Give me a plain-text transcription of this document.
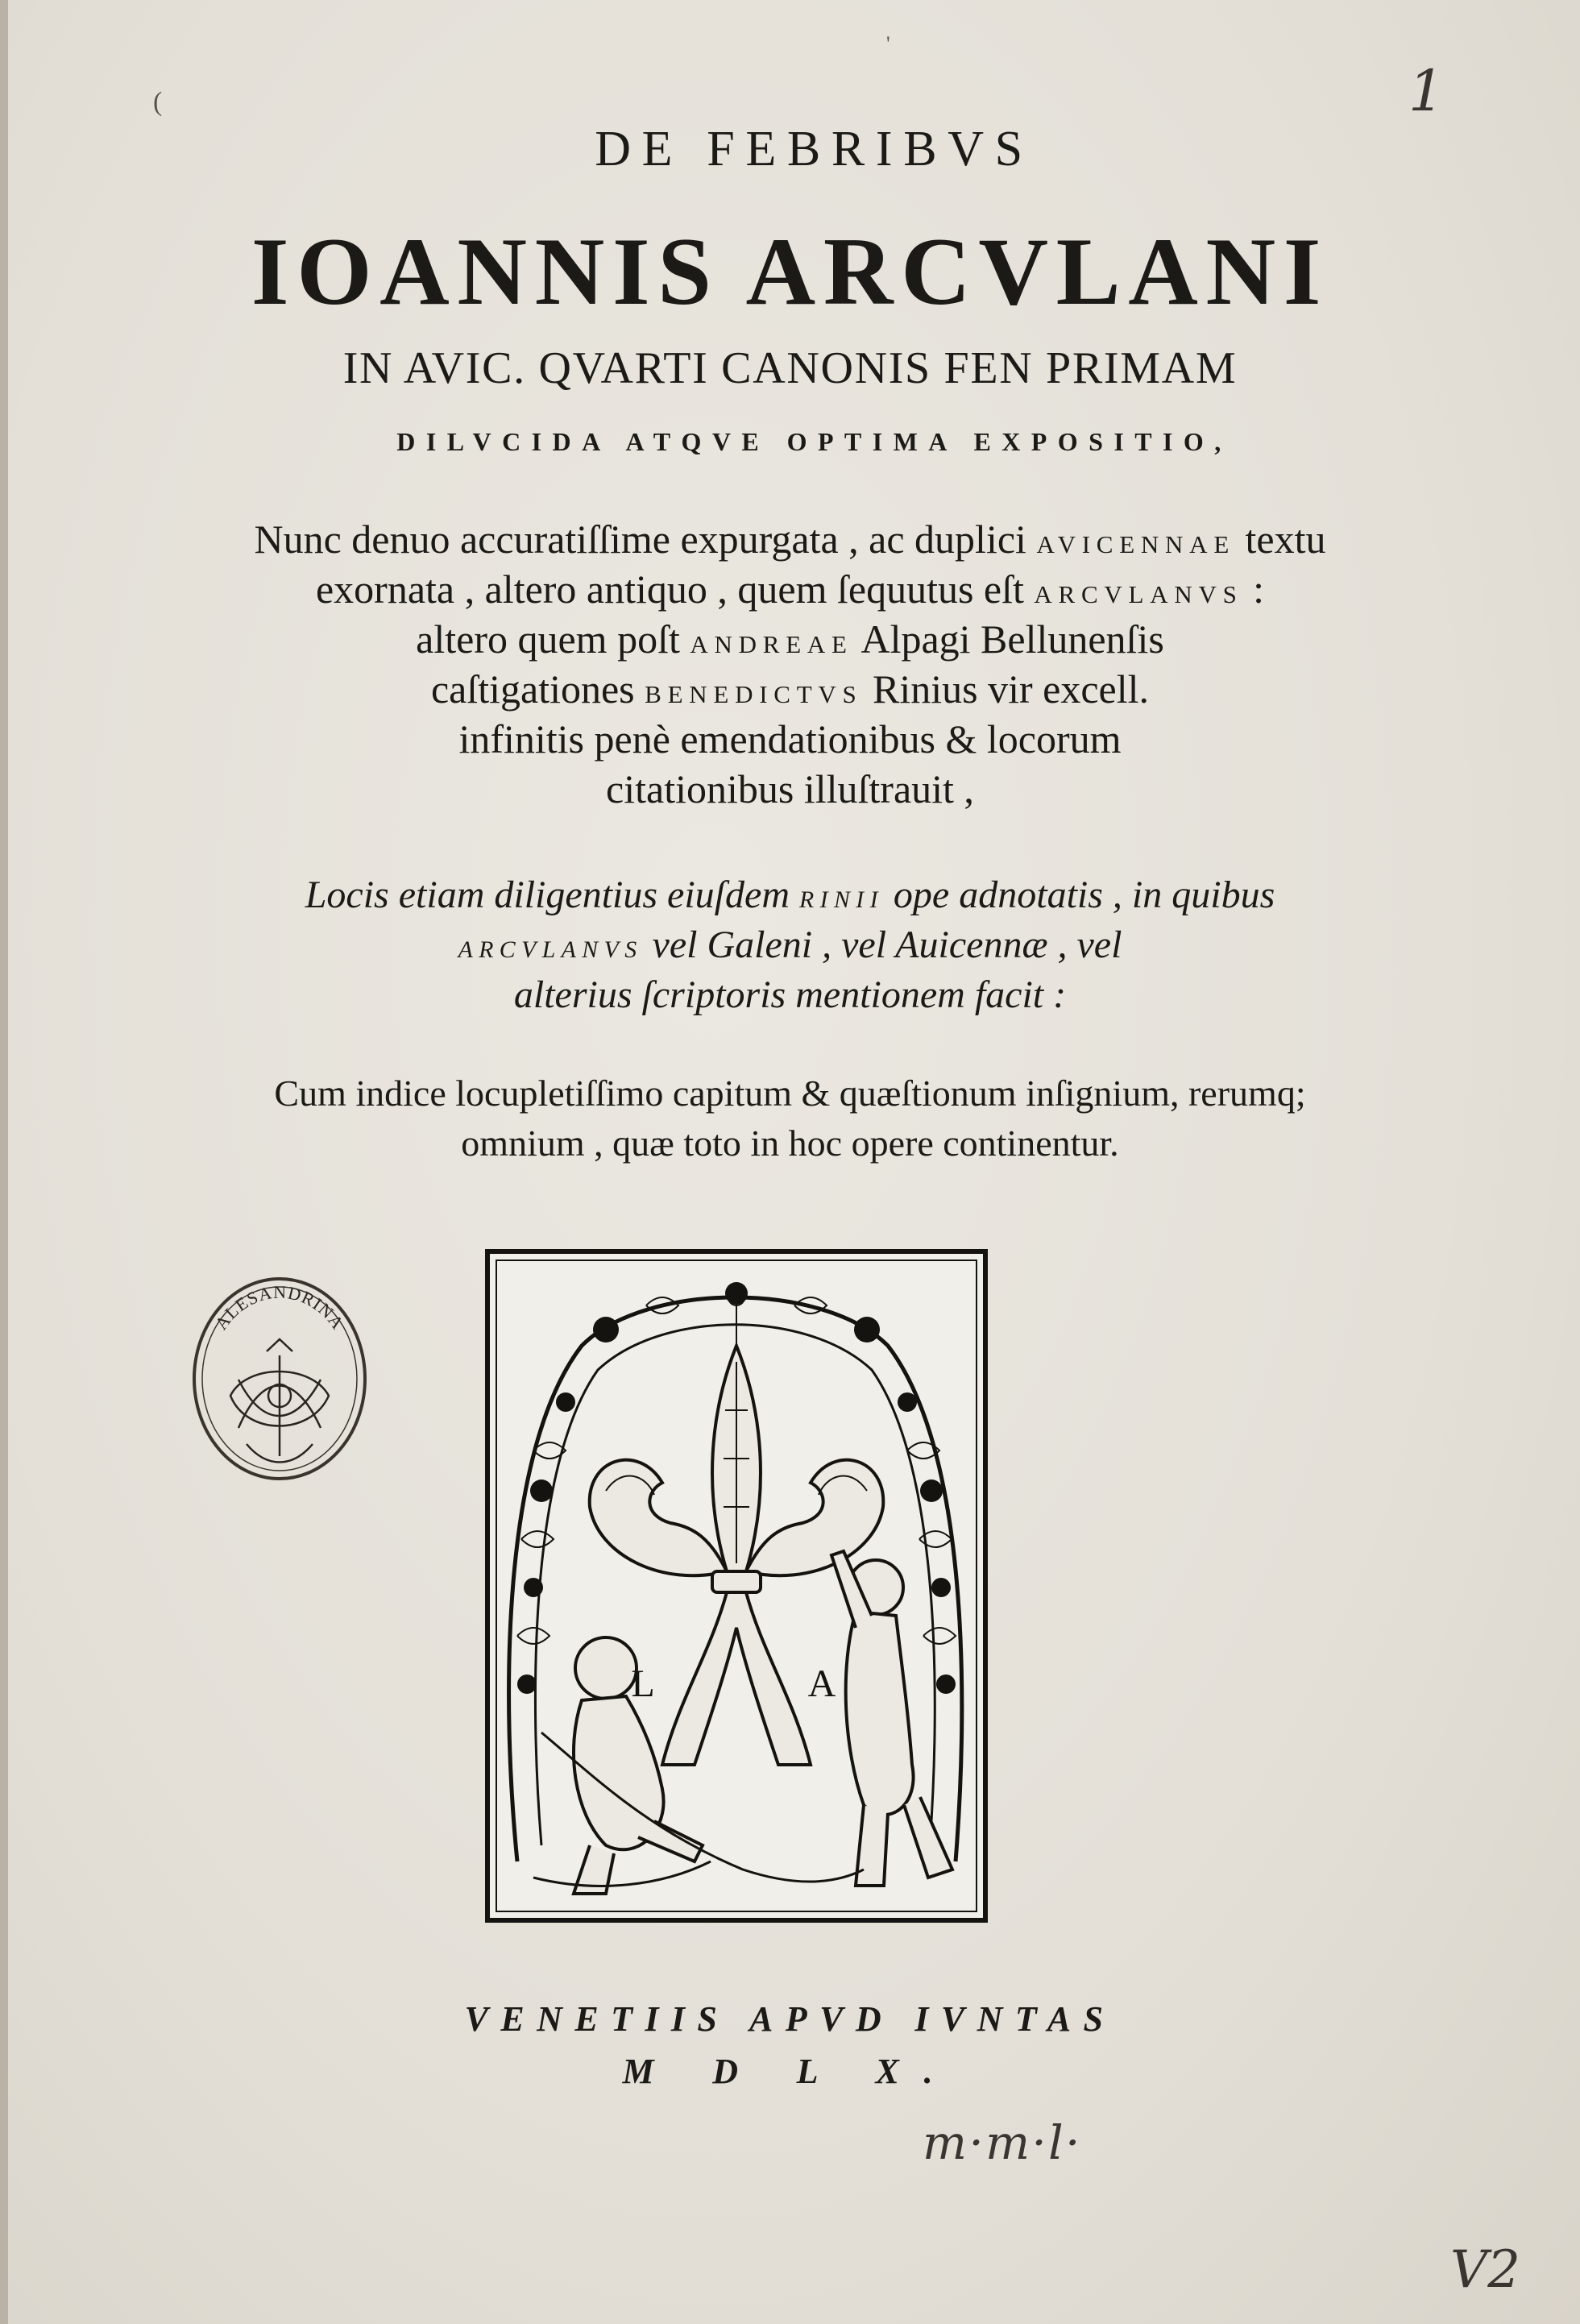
(
'
1
DE FEBRIBVS
IOANNIS ARCVLANI
IN AVIC. QVARTI CANONIS FEN PRIMAM
DILVCIDA ATQVE OPTIMA EXPOSITIO,
Nunc denuo accuratiſſime expurgata , ac duplici AVICENNAE textu
exornata , altero antiquo , quem ſequutus eſt ARCVLANVS :
altero quem poſt ANDREAE Alpagi Bellunenſis
caſtigationes BENEDICTVS Rinius vir excell.
infinitis penè emendationibus & locorum
citationibus illuſtrauit ,
Locis etiam diligentius eiuſdem RINII ope adnotatis , in quibus
ARCVLANVS vel Galeni , vel Auicennæ , vel
alterius ſcriptoris mentionem facit :
Cum indice locupletiſſimo capitum & quæſtionum inſignium, rerumq;
omnium , quæ toto in hoc opere continentur.
ALESANDRINA
L	A
VENETIIS APVD IVNTAS
M D L X.
m·m·l·
V2
